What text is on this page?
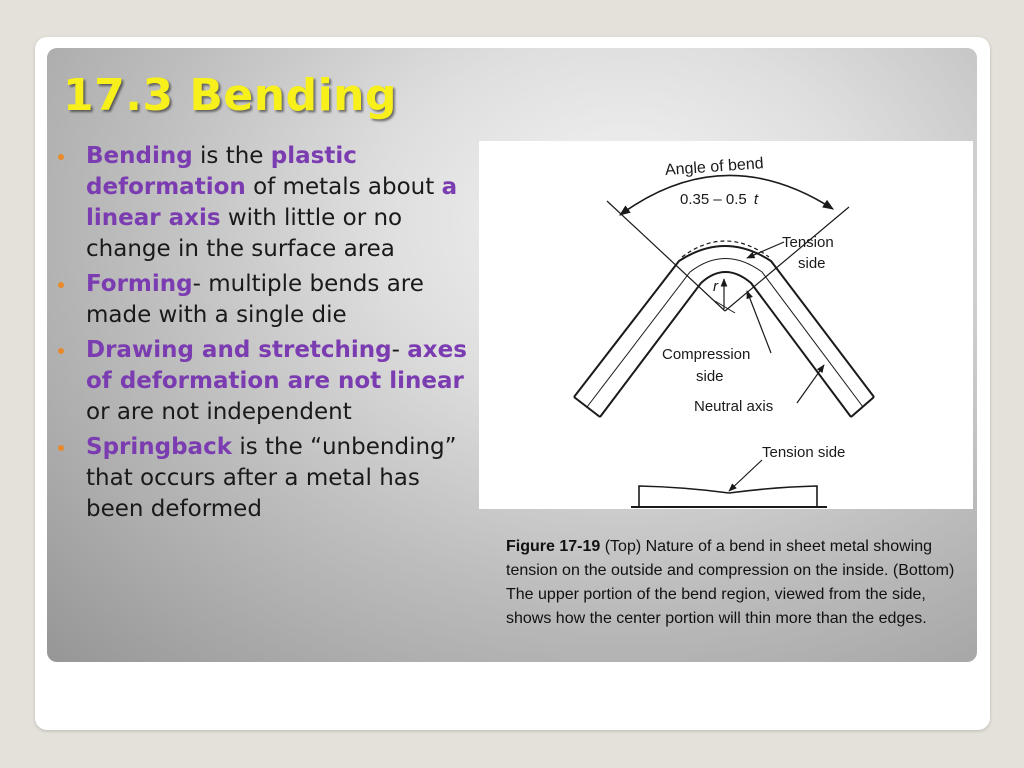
17.3 Bending
Bending is the plastic deformation of metals about a linear axis with little or no change in the surface area
Forming- multiple bends are made with a single die
Drawing and stretching- axes of deformation are not linear or are not independent
Springback is the “unbending” that occurs after a metal has been deformed
Angle of bend
0.35 – 0.5 t
r
Tension
side
Compression
side
Neutral axis
Tension side

Figure 17-19 (Top) Nature of a bend in sheet metal showing tension on the outside and compression on the inside. (Bottom) The upper portion of the bend region, viewed from the side, shows how the center portion will thin more than the edges.
